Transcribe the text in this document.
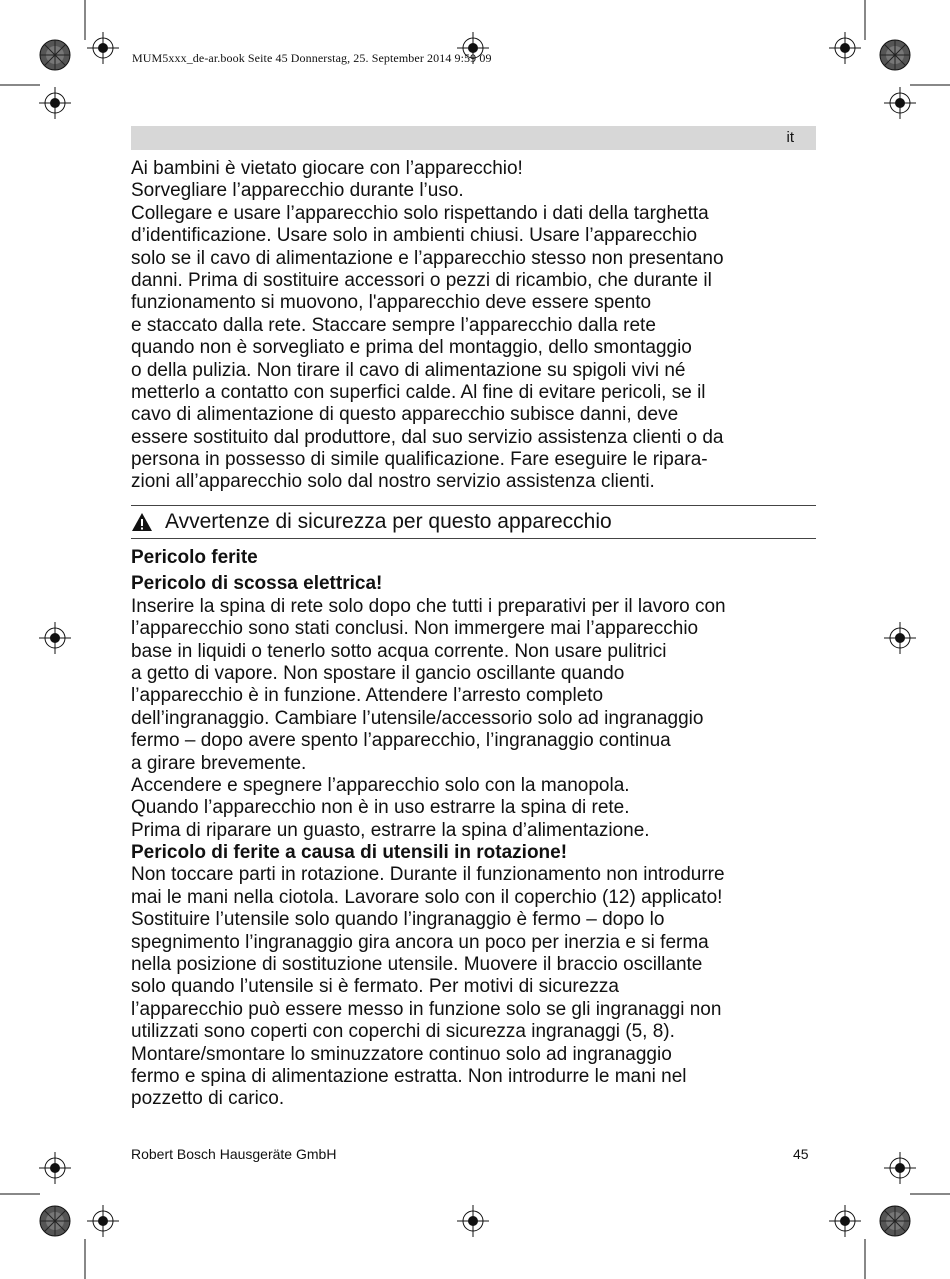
MUM5xxx_de-ar.book Seite 45 Donnerstag, 25. September 2014 9:59 09
it
Ai bambini è vietato giocare con l’apparecchio!
Sorvegliare l’apparecchio durante l’uso.
Collegare e usare l’apparecchio solo rispettando i dati della targhetta
d’identificazione. Usare solo in ambienti chiusi. Usare l’apparecchio
solo se il cavo di alimentazione e l’apparecchio stesso non presentano
danni. Prima di sostituire accessori o pezzi di ricambio, che durante il
funzionamento si muovono, l'apparecchio deve essere spento
e staccato dalla rete. Staccare sempre l’apparecchio dalla rete
quando non è sorvegliato e prima del montaggio, dello smontaggio
o della pulizia. Non tirare il cavo di alimentazione su spigoli vivi né
metterlo a contatto con superfici calde. Al fine di evitare pericoli, se il
cavo di alimentazione di questo apparecchio subisce danni, deve
essere sostituito dal produttore, dal suo servizio assistenza clienti o da
persona in possesso di simile qualificazione. Fare eseguire le ripara-
zioni all’apparecchio solo dal nostro servizio assistenza clienti.
Avvertenze di sicurezza per questo apparecchio
Pericolo ferite
Pericolo di scossa elettrica!
Inserire la spina di rete solo dopo che tutti i preparativi per il lavoro con
l’apparecchio sono stati conclusi. Non immergere mai l’apparecchio
base in liquidi o tenerlo sotto acqua corrente. Non usare pulitrici
a getto di vapore. Non spostare il gancio oscillante quando
l’apparecchio è in funzione. Attendere l’arresto completo
dell’ingranaggio. Cambiare l’utensile/accessorio solo ad ingranaggio
fermo – dopo avere spento l’apparecchio, l’ingranaggio continua
a girare brevemente.
Accendere e spegnere l’apparecchio solo con la manopola.
Quando l’apparecchio non è in uso estrarre la spina di rete.
Prima di riparare un guasto, estrarre la spina d’alimentazione.
Pericolo di ferite a causa di utensili in rotazione!
Non toccare parti in rotazione. Durante il funzionamento non introdurre
mai le mani nella ciotola. Lavorare solo con il coperchio (12) applicato!
Sostituire l’utensile solo quando l’ingranaggio è fermo – dopo lo
spegnimento l’ingranaggio gira ancora un poco per inerzia e si ferma
nella posizione di sostituzione utensile. Muovere il braccio oscillante
solo quando l’utensile si è fermato. Per motivi di sicurezza
l’apparecchio può essere messo in funzione solo se gli ingranaggi non
utilizzati sono coperti con coperchi di sicurezza ingranaggi (5, 8).
Montare/smontare lo sminuzzatore continuo solo ad ingranaggio
fermo e spina di alimentazione estratta. Non introdurre le mani nel
pozzetto di carico.
Robert Bosch Hausgeräte GmbH	45
